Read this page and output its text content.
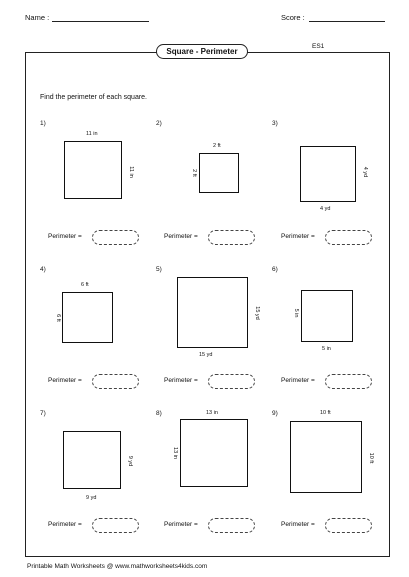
Name :	Score :
Square - Perimeter
ES1
Find the perimeter of each square.
1)
11 in
11 in
Perimeter =
2)
2 ft
2 ft
Perimeter =
3)
4 yd
4 yd
Perimeter =
4)
6 ft
6 ft
Perimeter =
5)
15 yd
15 yd
Perimeter =
6)
5 in
5 in
Perimeter =
7)
9 yd
9 yd
Perimeter =
8)	13 in
13 in
Perimeter =
9)	10 ft
10 ft
Perimeter =
Printable Math Worksheets @ www.mathworksheets4kids.com
